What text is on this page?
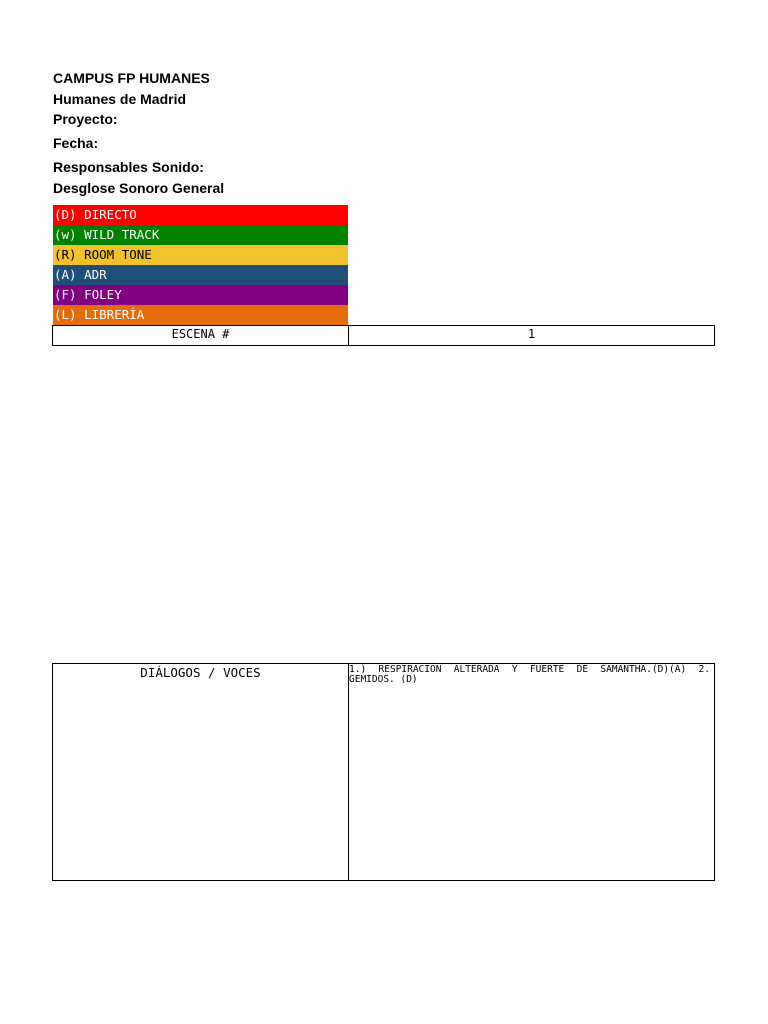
CAMPUS FP HUMANES
Humanes de Madrid
Proyecto:
Fecha:
Responsables Sonido:
Desglose Sonoro General
(D) DIRECTO
(w) WILD TRACK
(R) ROOM TONE
(A) ADR
(F) FOLEY
(L) LIBRERÍA
ESCENA #	1
DIÁLOGOS / VOCES	1.) RESPIRACIÓN ALTERADA Y FUERTE DE SAMANTHA.(D)(A) 2. GEMIDOS. (D)
